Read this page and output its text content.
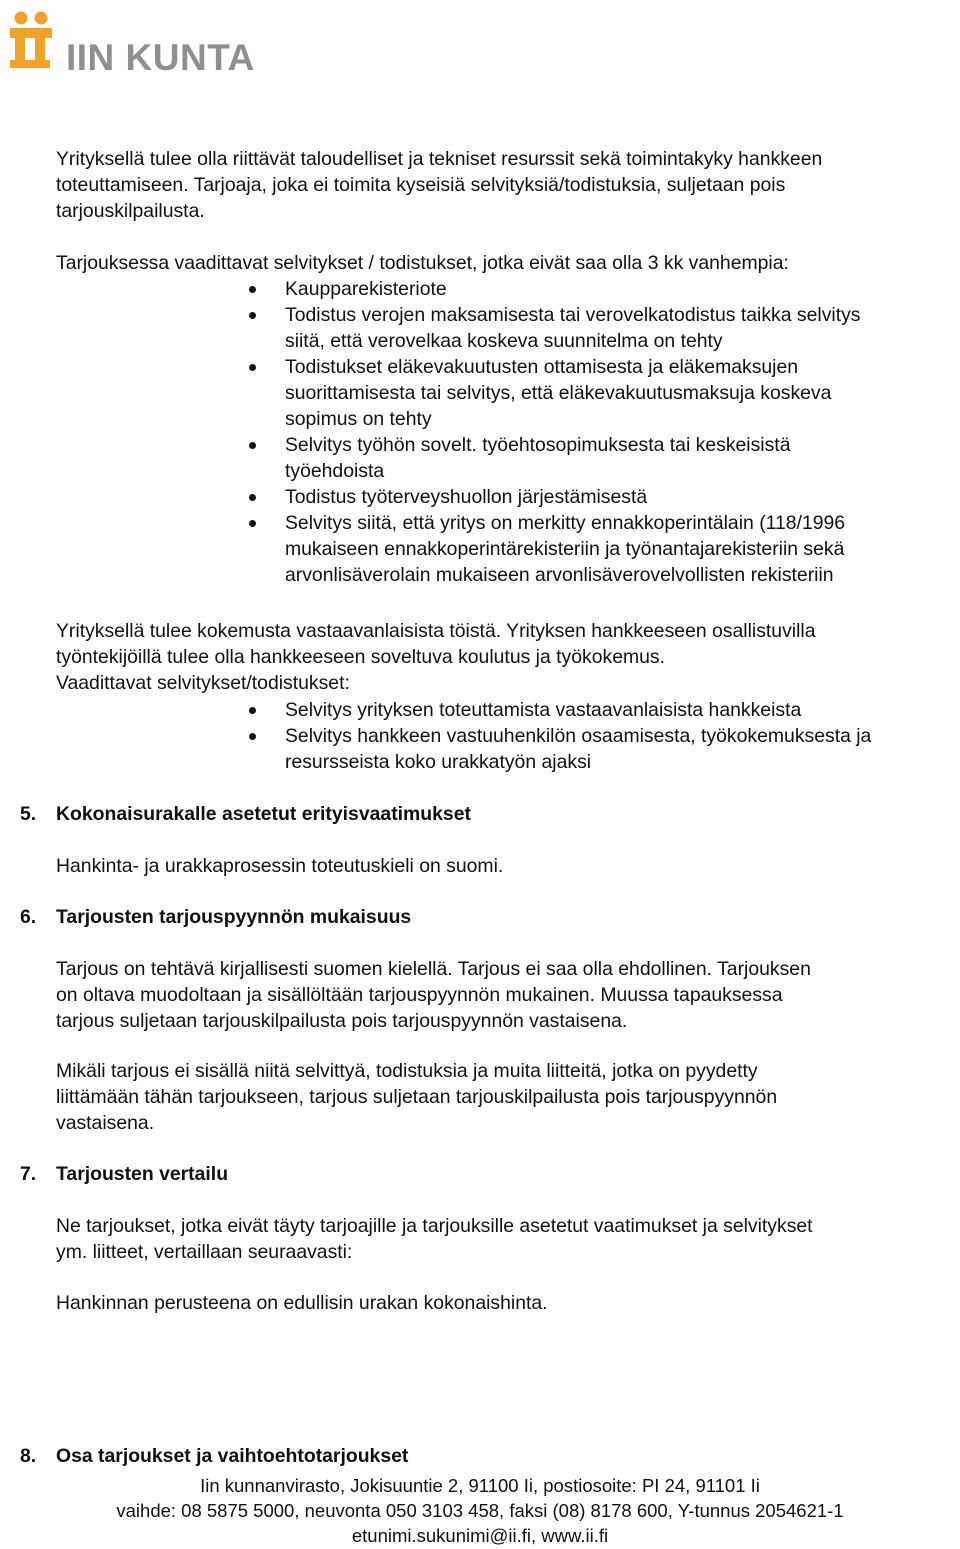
IIN KUNTA
Yrityksellä tulee olla riittävät taloudelliset ja tekniset resurssit sekä toimintakyky hankkeen
toteuttamiseen. Tarjoaja, joka ei toimita kyseisiä selvityksiä/todistuksia, suljetaan pois
tarjouskilpailusta.
Tarjouksessa vaadittavat selvitykset / todistukset, jotka eivät saa olla 3 kk vanhempia:
Kaupparekisteriote
Todistus verojen maksamisesta tai verovelkatodistus taikka selvitys
siitä, että verovelkaa koskeva suunnitelma on tehty
Todistukset eläkevakuutusten ottamisesta ja eläkemaksujen
suorittamisesta tai selvitys, että eläkevakuutusmaksuja koskeva
sopimus on tehty
Selvitys työhön sovelt. työehtosopimuksesta tai keskeisistä
työehdoista
Todistus työterveyshuollon järjestämisestä
Selvitys siitä, että yritys on merkitty ennakkoperintälain (118/1996
mukaiseen ennakkoperintärekisteriin ja työnantajarekisteriin sekä
arvonlisäverolain mukaiseen arvonlisäverovelvollisten rekisteriin
Yrityksellä tulee kokemusta vastaavanlaisista töistä. Yrityksen hankkeeseen osallistuvilla
työntekijöillä tulee olla hankkeeseen soveltuva koulutus ja työkokemus.
Vaadittavat selvitykset/todistukset:
Selvitys yrityksen toteuttamista vastaavanlaisista hankkeista
Selvitys hankkeen vastuuhenkilön osaamisesta, työkokemuksesta ja
resursseista koko urakkatyön ajaksi
5. Kokonaisurakalle asetetut erityisvaatimukset
Hankinta- ja urakkaprosessin toteutuskieli on suomi.
6. Tarjousten tarjouspyynnön mukaisuus
Tarjous on tehtävä kirjallisesti suomen kielellä. Tarjous ei saa olla ehdollinen. Tarjouksen
on oltava muodoltaan ja sisällöltään tarjouspyynnön mukainen. Muussa tapauksessa
tarjous suljetaan tarjouskilpailusta pois tarjouspyynnön vastaisena.
Mikäli tarjous ei sisällä niitä selvittyä, todistuksia ja muita liitteitä, jotka on pyydetty
liittämään tähän tarjoukseen, tarjous suljetaan tarjouskilpailusta pois tarjouspyynnön
vastaisena.
7. Tarjousten vertailu
Ne tarjoukset, jotka eivät täyty tarjoajille ja tarjouksille asetetut vaatimukset ja selvitykset
ym. liitteet, vertaillaan seuraavasti:
Hankinnan perusteena on edullisin urakan kokonaishinta.
8. Osa tarjoukset ja vaihtoehtotarjoukset
Iin kunnanvirasto, Jokisuuntie 2, 91100 Ii, postiosoite: PI 24, 91101 Ii
vaihde: 08 5875 5000, neuvonta 050 3103 458, faksi (08) 8178 600, Y-tunnus 2054621-1
etunimi.sukunimi@ii.fi, www.ii.fi
